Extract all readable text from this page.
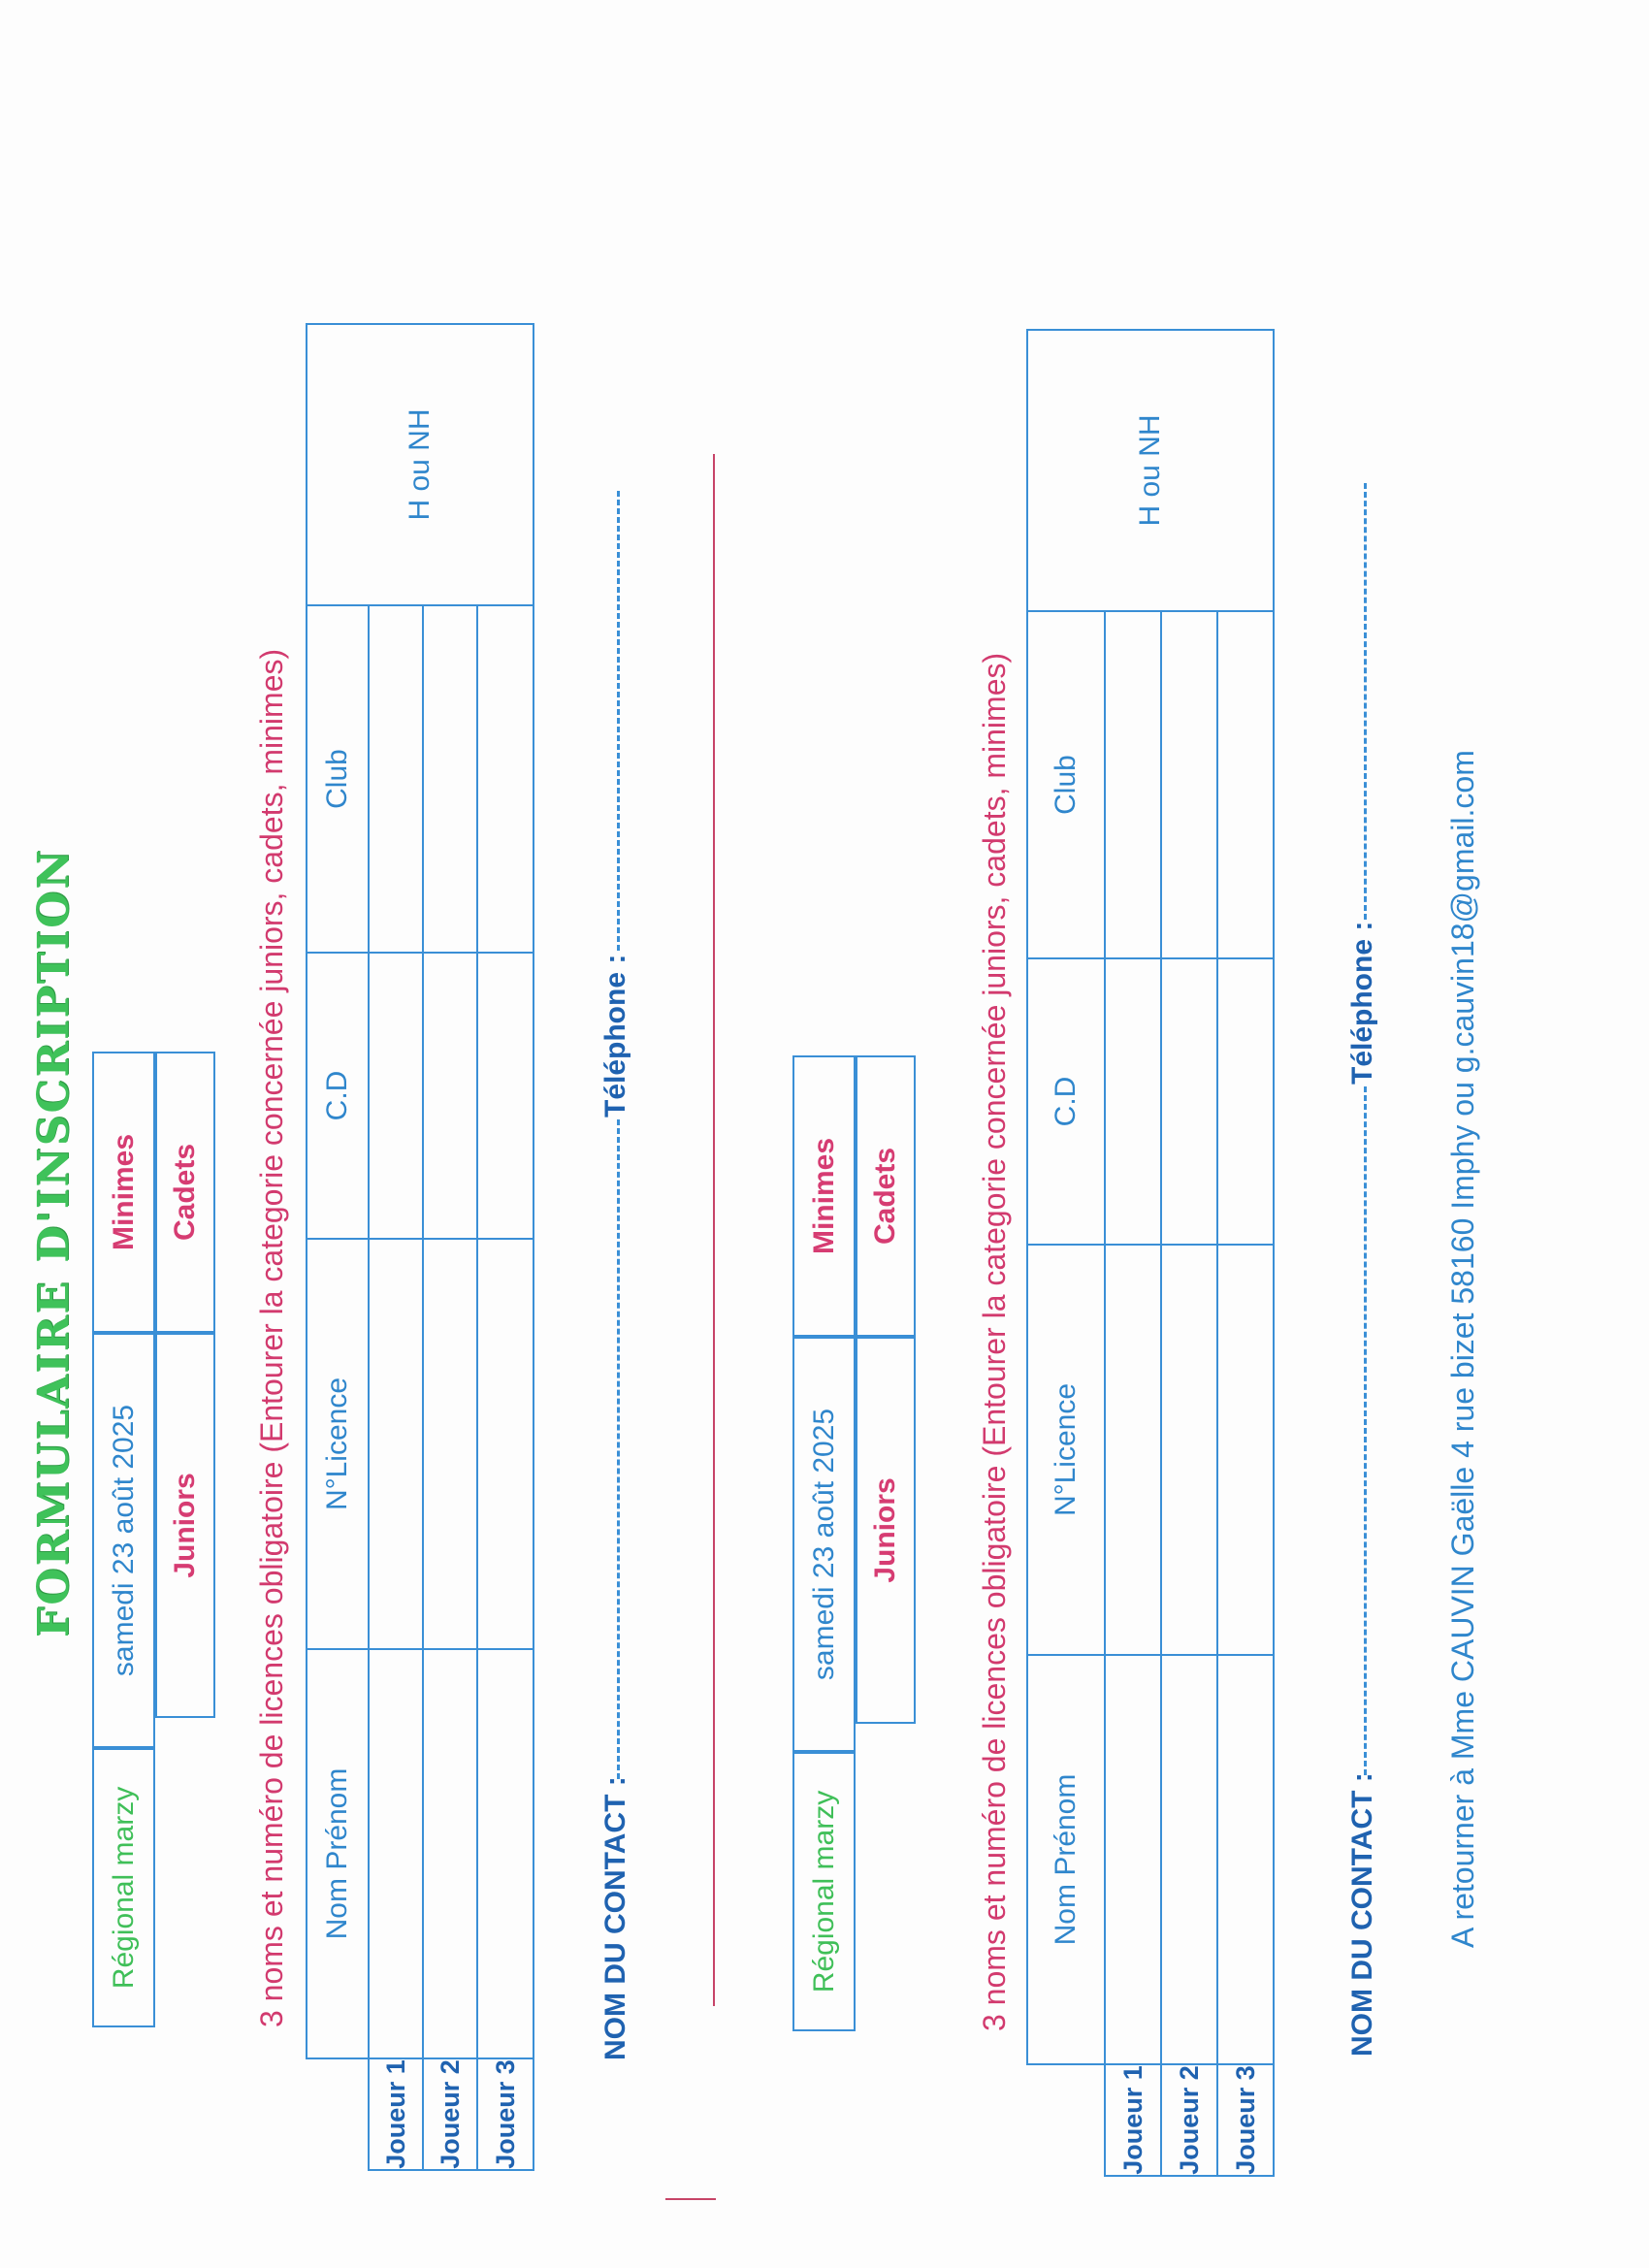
FORMULAIRE D'INSCRIPTION
Régional marzy
samedi 23 août 2025
Minimes
Juniors
Cadets	3 noms et numéro de licences obligatoire (Entourer la categorie concernée juniors, cadets, minimes)
	Nom Prénom	N°Licence	C.D	Club	H ou NH
Joueur 1					
Joueur 2					
Joueur 3					
NOM DU CONTACT :
Téléphone :
Régional marzy
samedi 23 août 2025
Minimes
Juniors
Cadets	3 noms et numéro de licences obligatoire (Entourer la categorie concernée juniors, cadets, minimes)
	Nom Prénom	N°Licence	C.D	Club	H ou NH
Joueur 1					
Joueur 2					
Joueur 3					
NOM DU CONTACT :
Téléphone : A retourner à Mme CAUVIN Gaëlle 4 rue bizet 58160 Imphy ou g.cauvin18@gmail.com
